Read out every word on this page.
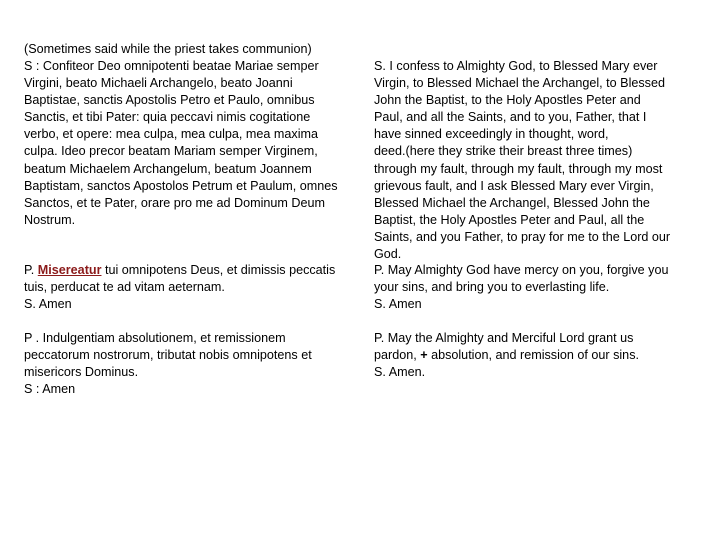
(Sometimes said while the priest takes communion)

S : Confiteor Deo omnipotenti beatae Mariae semper

Virgini, beato Michaeli Archangelo, beato Joanni

Baptistae, sanctis Apostolis Petro et Paulo, omnibus

Sanctis, et tibi Pater: quia peccavi nimis cogitatione

verbo, et opere: mea culpa, mea culpa, mea maxima

culpa. Ideo precor beatam Mariam semper Virginem,

beatum Michaelem Archangelum, beatum Joannem

Baptistam, sanctos Apostolos Petrum et Paulum, omnes

Sanctos, et te Pater, orare pro me ad Dominum Deum

Nostrum.

S. I confess to Almighty God, to Blessed Mary ever

Virgin, to Blessed Michael the Archangel, to Blessed

John the Baptist, to the Holy Apostles Peter and

Paul, and all the Saints, and to you, Father, that I

have sinned exceedingly in thought, word,

deed.(here they strike their breast three times)

through my fault, through my fault, through my most

grievous fault, and I ask Blessed Mary ever Virgin,

Blessed Michael the Archangel, Blessed John the

Baptist, the Holy Apostles Peter and Paul, all the

Saints, and you Father, to pray for me to the Lord our

God.

P. Misereatur tui omnipotens Deus, et dimissis peccatis

tuis, perducat te ad vitam aeternam.

S. Amen

P. May Almighty God have mercy on you, forgive you

your sins, and bring you to everlasting life.

S. Amen

P . Indulgentiam absolutionem, et remissionem

peccatorum nostrorum, tributat nobis omnipotens et

misericors Dominus.

S : Amen

P. May the Almighty and Merciful Lord grant us

pardon, + absolution, and remission of our sins.

S. Amen.
